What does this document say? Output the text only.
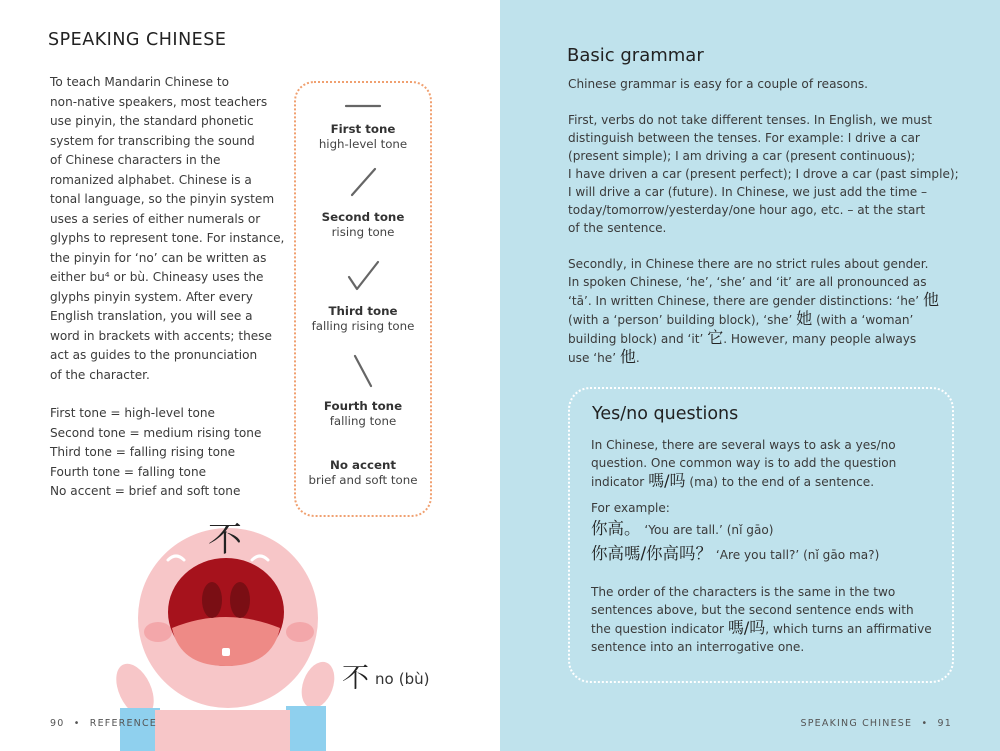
SPEAKING CHINESE
To teach Mandarin Chinese to
non-native speakers, most teachers
use pinyin, the standard phonetic
system for transcribing the sound
of Chinese characters in the
romanized alphabet. Chinese is a
tonal language, so the pinyin system
uses a series of either numerals or
glyphs to represent tone. For instance,
the pinyin for ‘no’ can be written as
either bu⁴ or bù. Chineasy uses the
glyphs pinyin system. After every
English translation, you will see a
word in brackets with accents; these
act as guides to the pronunciation
of the character.
First tone = high-level tone
Second tone = medium rising tone
Third tone = falling rising tone
Fourth tone = falling tone
No accent = brief and soft tone
First tone
high-level tone
Second tone
rising tone
Third tone
falling rising tone
Fourth tone
falling tone
No accent
brief and soft tone
不
不no (bù)
90 • REFERENCE
Basic grammar
Chinese grammar is easy for a couple of reasons.
First, verbs do not take different tenses. In English, we must
distinguish between the tenses. For example: I drive a car
(present simple); I am driving a car (present continuous);
I have driven a car (present perfect); I drove a car (past simple);
I will drive a car (future). In Chinese, we just add the time –
today/tomorrow/yesterday/one hour ago, etc. – at the start
of the sentence.
Secondly, in Chinese there are no strict rules about gender.
In spoken Chinese, ‘he’, ‘she’ and ‘it’ are all pronounced as
‘tā’. In written Chinese, there are gender distinctions: ‘he’ 他
(with a ‘person’ building block), ‘she’ 她 (with a ‘woman’
building block) and ‘it’ 它. However, many people always
use ‘he’ 他.
Yes/no questions
In Chinese, there are several ways to ask a yes/no
question. One common way is to add the question
indicator 嗎/吗 (ma) to the end of a sentence.
For example:
你高。 ‘You are tall.’ (nǐ gāo)
你高嗎/你高吗？ ‘Are you tall?’ (nǐ gāo ma?)
The order of the characters is the same in the two
sentences above, but the second sentence ends with
the question indicator 嗎/吗, which turns an affirmative
sentence into an interrogative one.
SPEAKING CHINESE • 91
